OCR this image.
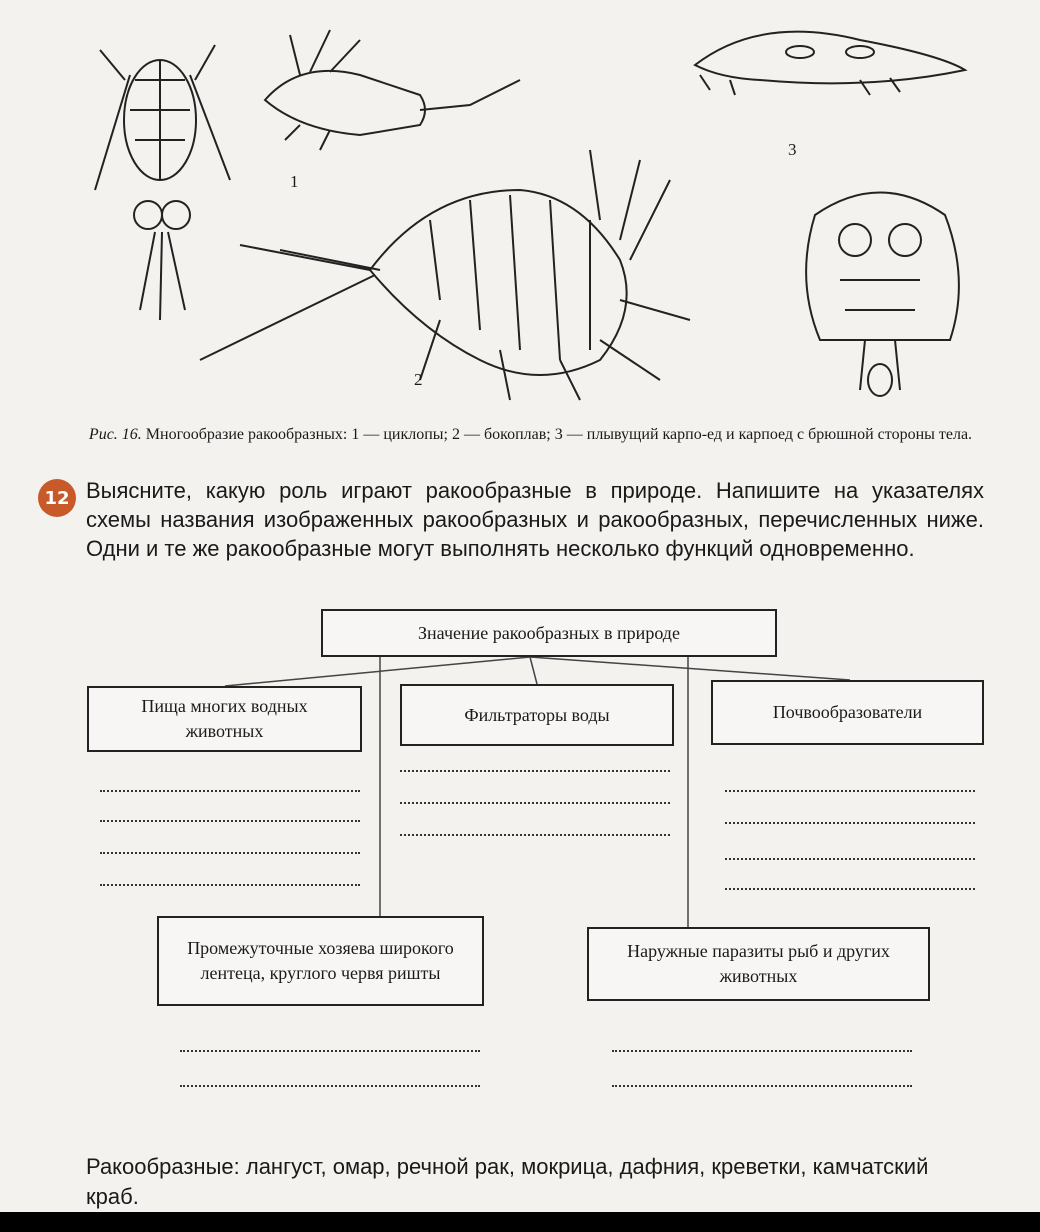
1
2
3
Рис. 16. Многообразие ракообразных: 1 — циклопы; 2 — бокоплав; 3 — плывущий карпо-ед и карпоед с брюшной стороны тела.
12 Выясните, какую роль играют ракообразные в природе. Напишите на указателях схемы названия изображенных ракообразных и ракообразных, перечисленных ниже. Одни и те же ракообразные могут выполнять несколько функций одновременно.
Значение ракообразных в природе
Пища многих водных животных
Фильтраторы воды	Почвообразователи
Промежуточные хозяева широкого лентеца, круглого червя ришты
Наружные паразиты рыб и других животных
Ракообразные: лангуст, омар, речной рак, мокрица, дафния, креветки, камчатский краб.
